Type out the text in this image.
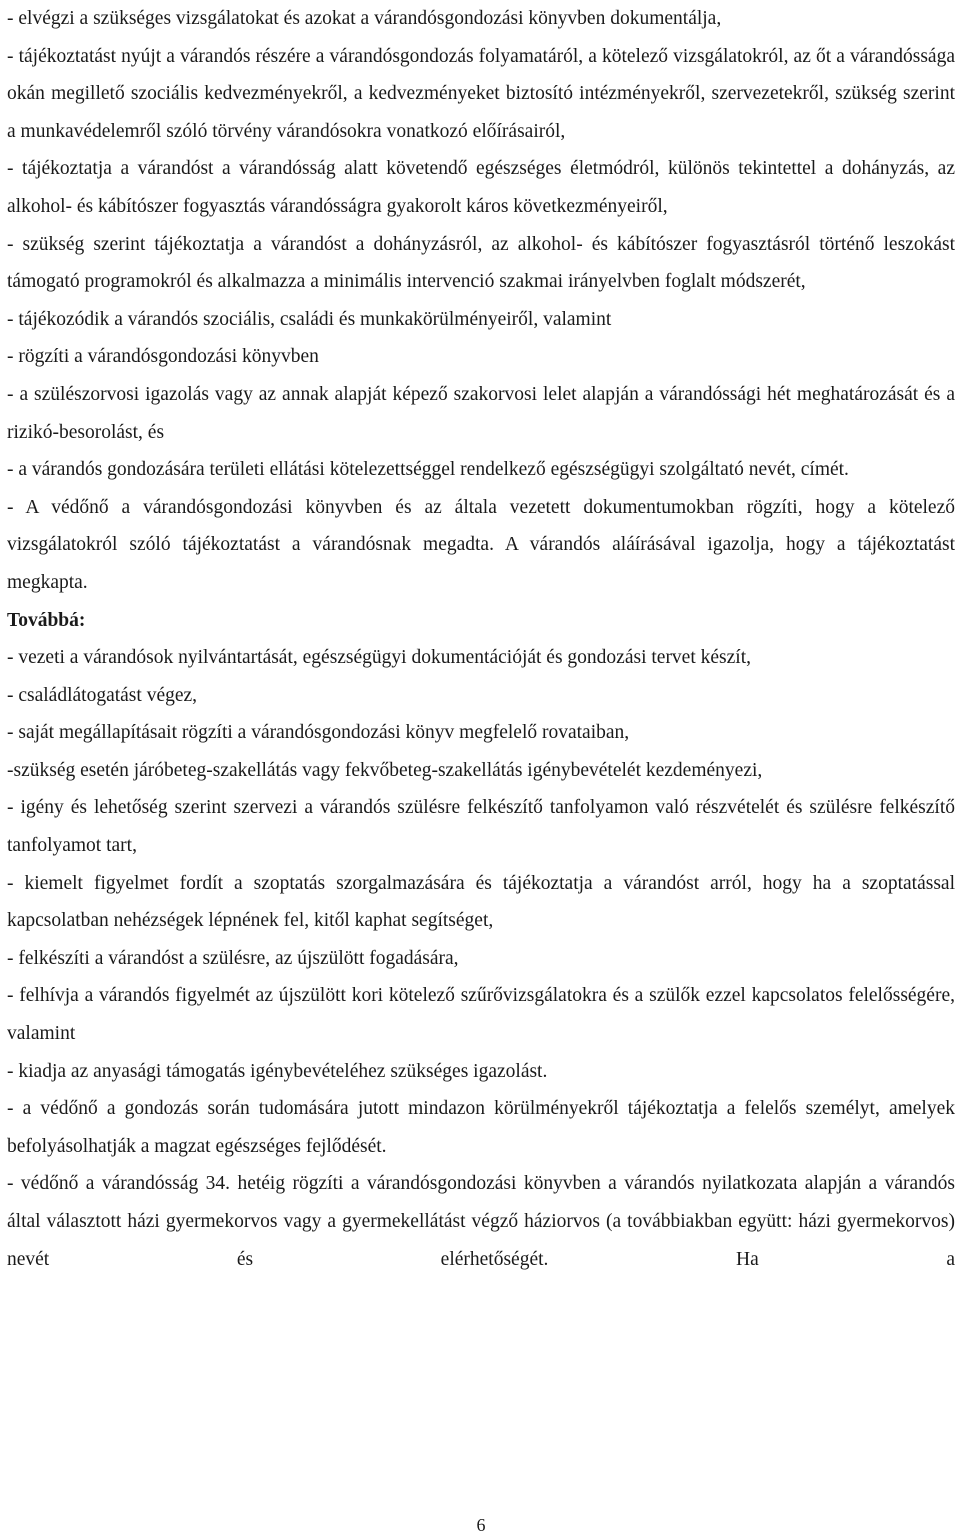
- elvégzi a szükséges vizsgálatokat és azokat a várandósgondozási könyvben dokumentálja,

- tájékoztatást nyújt a várandós részére a várandósgondozás folyamatáról, a kötelező vizsgálatokról, az őt a várandóssága okán megillető szociális kedvezményekről, a kedvezményeket biztosító intézményekről, szervezetekről, szükség szerint a munkavédelemről szóló törvény várandósokra vonatkozó előírásairól,

- tájékoztatja a várandóst a várandósság alatt követendő egészséges életmódról, különös tekintettel a dohányzás, az alkohol- és kábítószer fogyasztás várandósságra gyakorolt káros következményeiről,

- szükség szerint tájékoztatja a várandóst a dohányzásról, az alkohol- és kábítószer fogyasztásról történő leszokást támogató programokról és alkalmazza a minimális intervenció szakmai irányelvben foglalt módszerét,

- tájékozódik a várandós szociális, családi és munkakörülményeiről, valamint

- rögzíti a várandósgondozási könyvben

- a szülészorvosi igazolás vagy az annak alapját képező szakorvosi lelet alapján a várandóssági hét meghatározását és a rizikó-besorolást, és

- a várandós gondozására területi ellátási kötelezettséggel rendelkező egészségügyi szolgáltató nevét, címét.

- A védőnő a várandósgondozási könyvben és az általa vezetett dokumentumokban rögzíti, hogy a kötelező vizsgálatokról szóló tájékoztatást a várandósnak megadta. A várandós aláírásával igazolja, hogy a tájékoztatást megkapta.

Továbbá:

- vezeti a várandósok nyilvántartását, egészségügyi dokumentációját és gondozási tervet készít,

- családlátogatást végez,

- saját megállapításait rögzíti a várandósgondozási könyv megfelelő rovataiban,

-szükség esetén járóbeteg-szakellátás vagy fekvőbeteg-szakellátás igénybevételét kezdeményezi,

- igény és lehetőség szerint szervezi a várandós szülésre felkészítő tanfolyamon való részvételét és szülésre felkészítő tanfolyamot tart,

- kiemelt figyelmet fordít a szoptatás szorgalmazására és tájékoztatja a várandóst arról, hogy ha a szoptatással kapcsolatban nehézségek lépnének fel, kitől kaphat segítséget,

- felkészíti a várandóst a szülésre, az újszülött fogadására,

- felhívja a várandós figyelmét az újszülött kori kötelező szűrővizsgálatokra és a szülők ezzel kapcsolatos felelősségére, valamint

- kiadja az anyasági támogatás igénybevételéhez szükséges igazolást.

- a védőnő a gondozás során tudomására jutott mindazon körülményekről tájékoztatja a felelős személyt, amelyek befolyásolhatják a magzat egészséges fejlődését.

- védőnő a várandósság 34. hetéig rögzíti a várandósgondozási könyvben a várandós nyilatkozata alapján a várandós által választott házi gyermekorvos vagy a gyermekellátást végző háziorvos (a továbbiakban együtt: házi gyermekorvos) nevét és elérhetőségét. Ha a

6
